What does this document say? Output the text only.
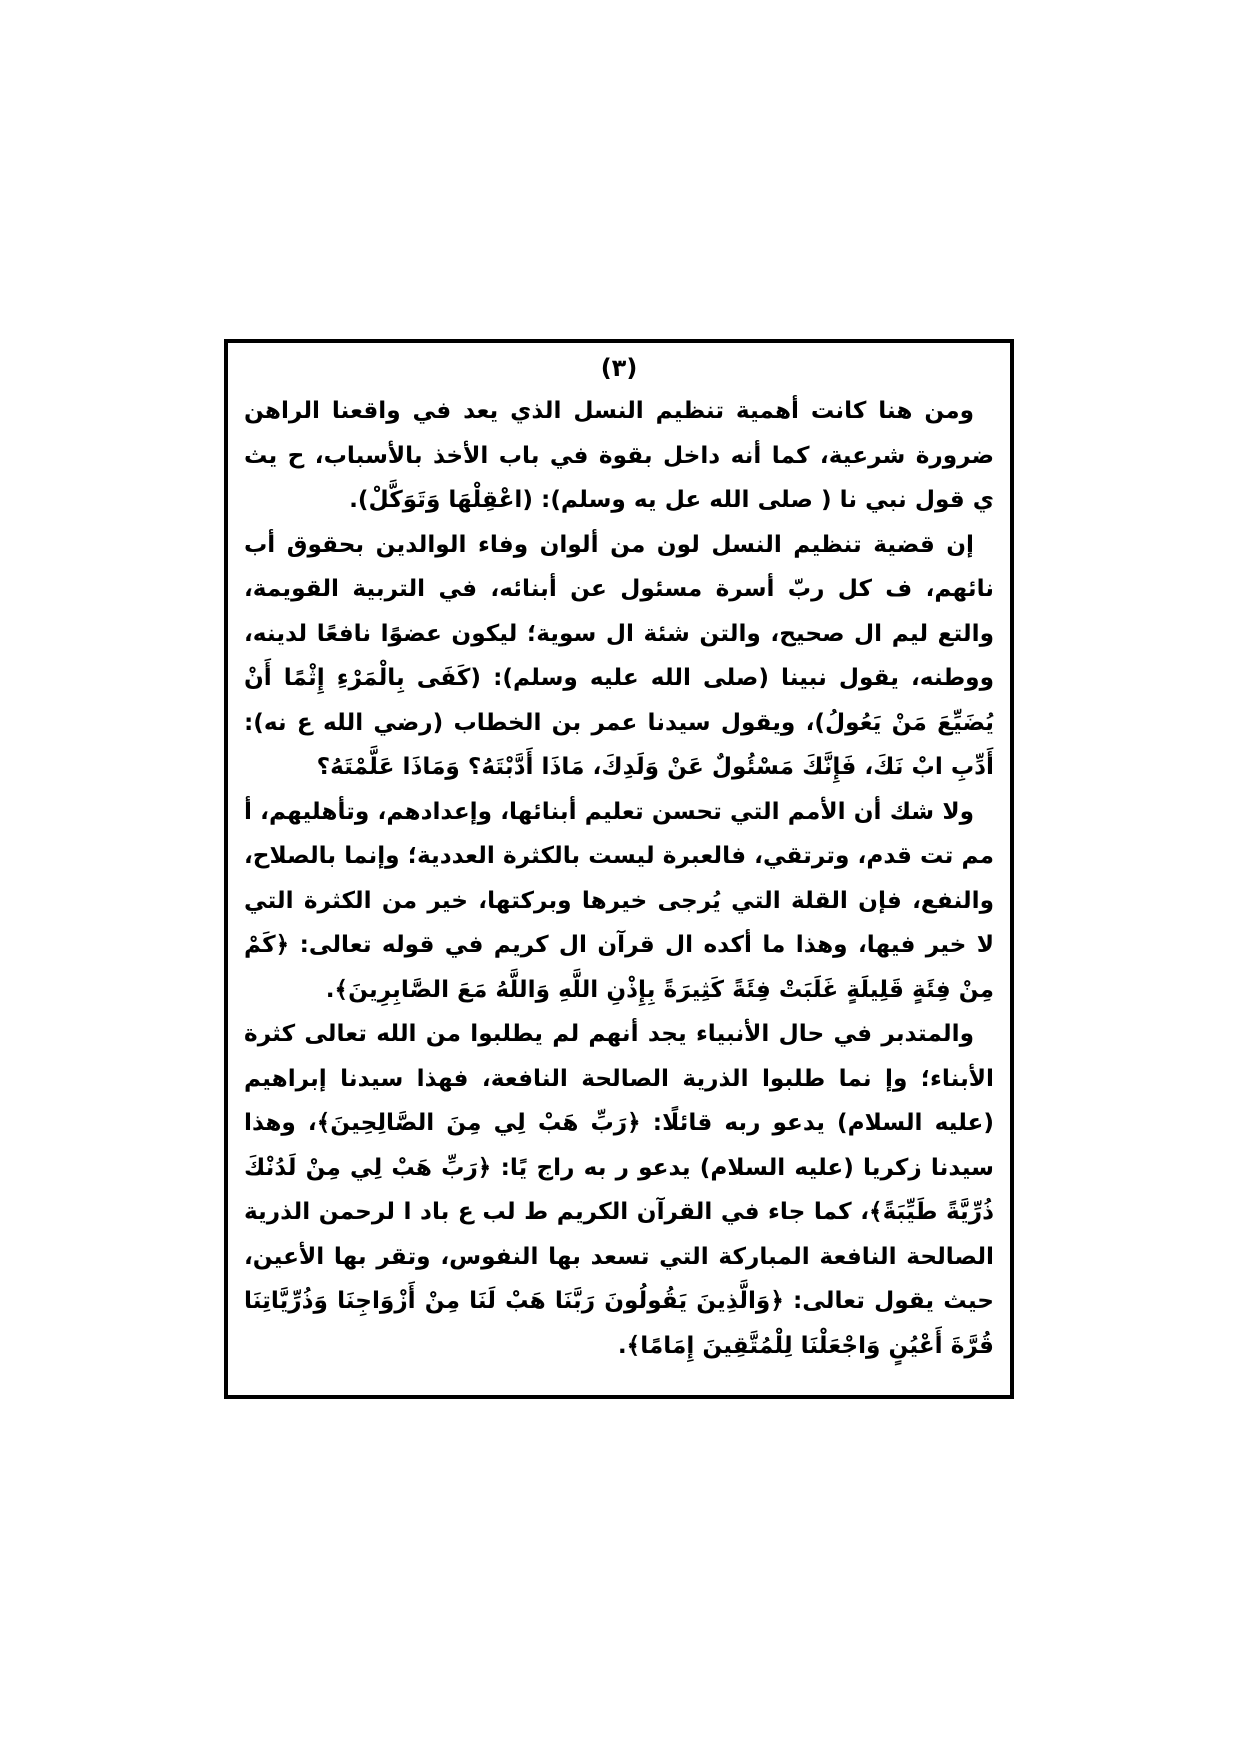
(٣)

ومن هنا كانت أهمية تنظيم النسل الذي يعد في واقعنا الراهن ضرورة شرعية، كما أنه داخل بقوة في باب الأخذ بالأسباب، ح يث ي قول نبي نا ( صلى الله عل يه وسلم): (اعْقِلْهَا وَتَوَكَّلْ).

إن قضية تنظيم النسل لون من ألوان وفاء الوالدين بحقوق أب نائهم، ف كل ربّ أسرة مسئول عن أبنائه، في التربية القويمة، والتع ليم ال صحيح، والتن شئة ال سوية؛ ليكون عضوًا نافعًا لدينه، ووطنه، يقول نبينا (صلى الله عليه وسلم): (كَفَى بِالْمَرْءِ إِثْمًا أَنْ يُضَيِّعَ مَنْ يَعُولُ)، ويقول سيدنا عمر بن الخطاب (رضي الله ع نه): أَدِّبِ ابْ نَكَ، فَإِنَّكَ مَسْئُولٌ عَنْ وَلَدِكَ، مَاذَا أَدَّبْتَهُ؟ وَمَاذَا عَلَّمْتَهُ؟

ولا شك أن الأمم التي تحسن تعليم أبنائها، وإعدادهم، وتأهليهم، أ مم تت قدم، وترتقي، فالعبرة ليست بالكثرة العددية؛ وإنما بالصلاح، والنفع، فإن القلة التي يُرجى خيرها وبركتها، خير من الكثرة التي لا خير فيها، وهذا ما أكده ال قرآن ال كريم في قوله تعالى: ﴿كَمْ مِنْ فِئَةٍ قَلِيلَةٍ غَلَبَتْ فِئَةً كَثِيرَةً بِإِذْنِ اللَّهِ وَاللَّهُ مَعَ الصَّابِرِينَ﴾.

والمتدبر في حال الأنبياء يجد أنهم لم يطلبوا من الله تعالى كثرة الأبناء؛ وإ نما طلبوا الذرية الصالحة النافعة، فهذا سيدنا إبراهيم (عليه السلام) يدعو ربه قائلًا: ﴿رَبِّ هَبْ لِي مِنَ الصَّالِحِينَ﴾، وهذا سيدنا زكريا (عليه السلام) يدعو ر به راج يًا: ﴿رَبِّ هَبْ لِي مِنْ لَدُنْكَ ذُرِّيَّةً طَيِّبَةً﴾، كما جاء في القرآن الكريم ط لب ع باد ا لرحمن الذرية الصالحة النافعة المباركة التي تسعد بها النفوس، وتقر بها الأعين، حيث يقول تعالى: ﴿وَالَّذِينَ يَقُولُونَ رَبَّنَا هَبْ لَنَا مِنْ أَزْوَاجِنَا وَذُرِّيَّاتِنَا قُرَّةَ أَعْيُنٍ وَاجْعَلْنَا لِلْمُتَّقِينَ إِمَامًا﴾.
